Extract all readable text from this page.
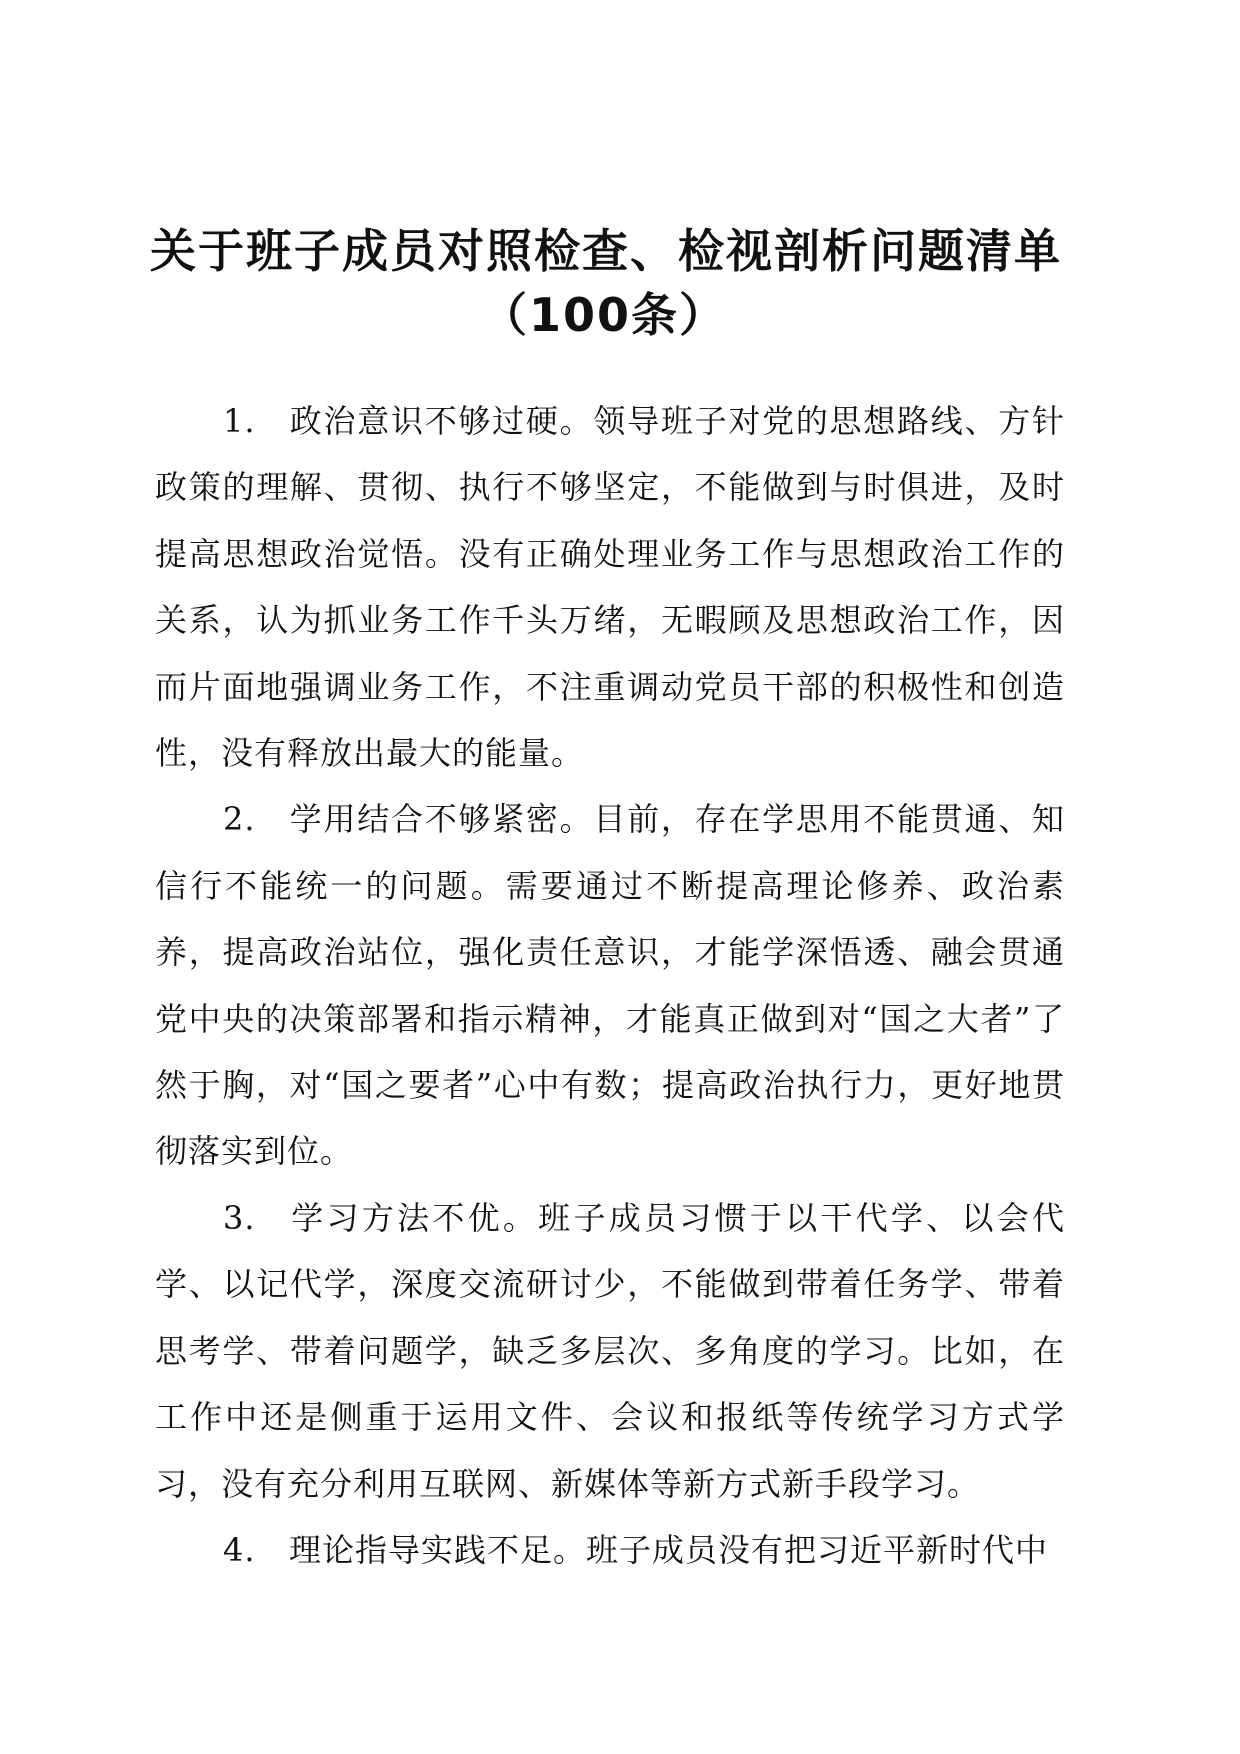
关于班子成员对照检查、检视剖析问题清单
（100条）

1. 政治意识不够过硬。领导班子对党的思想路线、方针政策的理解、贯彻、执行不够坚定，不能做到与时俱进，及时提高思想政治觉悟。没有正确处理业务工作与思想政治工作的关系，认为抓业务工作千头万绪，无暇顾及思想政治工作，因而片面地强调业务工作，不注重调动党员干部的积极性和创造性，没有释放出最大的能量。

2. 学用结合不够紧密。目前，存在学思用不能贯通、知信行不能统一的问题。需要通过不断提高理论修养、政治素养，提高政治站位，强化责任意识，才能学深悟透、融会贯通党中央的决策部署和指示精神，才能真正做到对“国之大者”了然于胸，对“国之要者”心中有数；提高政治执行力，更好地贯彻落实到位。

3. 学习方法不优。班子成员习惯于以干代学、以会代学、以记代学，深度交流研讨少，不能做到带着任务学、带着思考学、带着问题学，缺乏多层次、多角度的学习。比如，在工作中还是侧重于运用文件、会议和报纸等传统学习方式学习，没有充分利用互联网、新媒体等新方式新手段学习。

4. 理论指导实践不足。班子成员没有把习近平新时代中
